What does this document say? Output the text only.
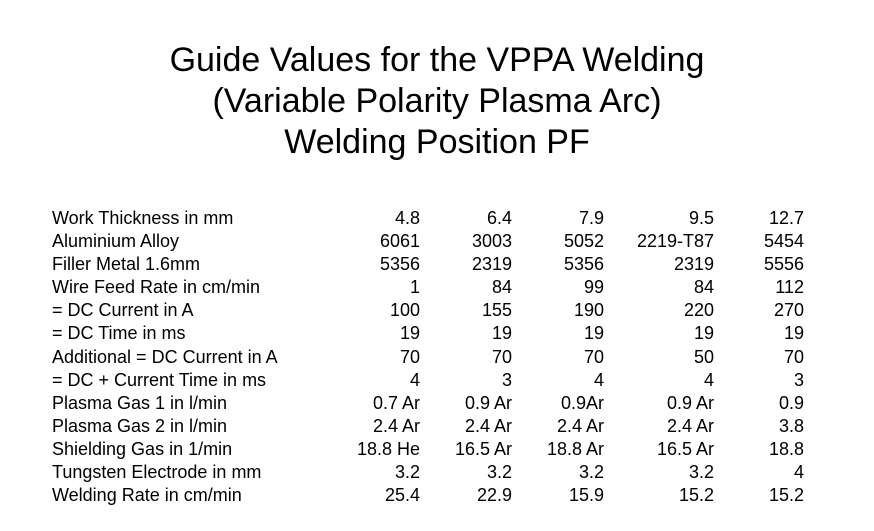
Guide Values for the VPPA Welding
(Variable Polarity Plasma Arc)
Welding Position PF
Work Thickness in mm	4.8	6.4	7.9	9.5	12.7
Aluminium Alloy	6061	3003	5052	2219-T87	5454
Filler Metal 1.6mm	5356	2319	5356	2319	5556
Wire Feed Rate in cm/min	1	84	99	84	112
= DC Current in A	100	155	190	220	270
= DC Time in ms	19	19	19	19	19
Additional = DC Current in A	70	70	70	50	70
= DC + Current Time in ms	4	3	4	4	3
Plasma Gas 1 in l/min	0.7 Ar	0.9 Ar	0.9Ar	0.9 Ar	0.9
Plasma Gas 2 in l/min	2.4 Ar	2.4 Ar	2.4 Ar	2.4 Ar	3.8
Shielding Gas in 1/min	18.8 He	16.5 Ar	18.8 Ar	16.5 Ar	18.8
Tungsten Electrode in mm	3.2	3.2	3.2	3.2	4
Welding Rate in cm/min	25.4	22.9	15.9	15.2	15.2
